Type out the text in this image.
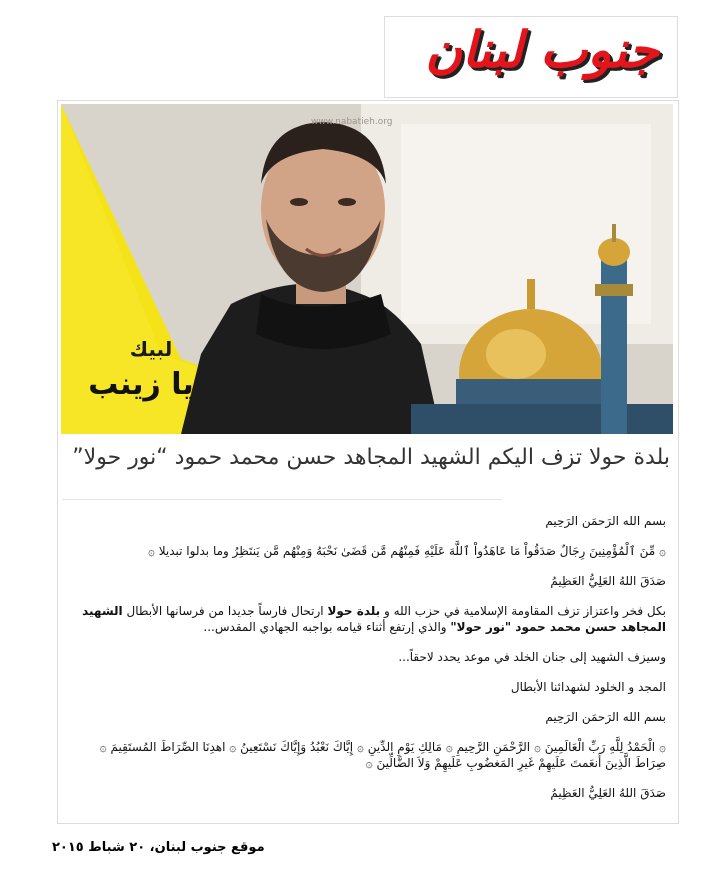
جنوب لبنان
لبيك
يا زينب
www.nabatieh.org
بلدة حولا تزف اليكم الشهيد المجاهد حسن محمد حمود “نور حولا”

بسم الله الرَحمَن الرَحِيم

۞ مِّنَ ٱلْمُؤْمِنِينَ رِجَالٌ صَدَقُواْ مَا عَاهَدُواْ ٱللَّهَ عَلَيْهِ فَمِنْهُم مَّن قَضَىٰ نَحْبَهُ وَمِنْهُم مَّن يَنتَظِرُ وما بدلوا تبديلا ۞

صَدَقَ اللهُ العَلِيُّ العَظِيمُ

بكل فخر واعتزاز تزف المقاومة الإسلامية في حزب الله و بلدة حولا ارتحال فارساً جديدا من فرسانها الأبطال الشهيد المجاهد حسن محمد حمود "نور حولا" والذي إرتفع أثناء قيامه بواجبه الجهادي المقدس...

وسيزف الشهيد إلى جنان الخلد في موعد يحدد لاحقاً...

المجد و الخلود لشهدائنا الأبطال

بسم الله الرَحمَن الرَحِيم

۞ الْحَمْدُ لِلَّهِ رَبِّ الْعَالَمِينَ ۞ الرَّحْمَنِ الرَّحِيمِ ۞ مَالِكِ يَوْمِ الدِّينِ ۞ إِيَّاكَ نَعْبُدُ وَإِيَّاكَ نَسْتَعِينُ ۞ اهدِنَا الصِّرَاطَ المُستَقِيمَ ۞ صِرَاطَ الَّذِينَ أَنعَمتَ عَلَيهِمْ غَيرِ المَغضُوبِ عَلَيهِمْ وَلاَ الضَّالِّينَ ۞

صَدَقَ اللهُ العَلِيُّ العَظِيمُ

موقع جنوب لبنان، ٢٠ شباط ٢٠١٥
